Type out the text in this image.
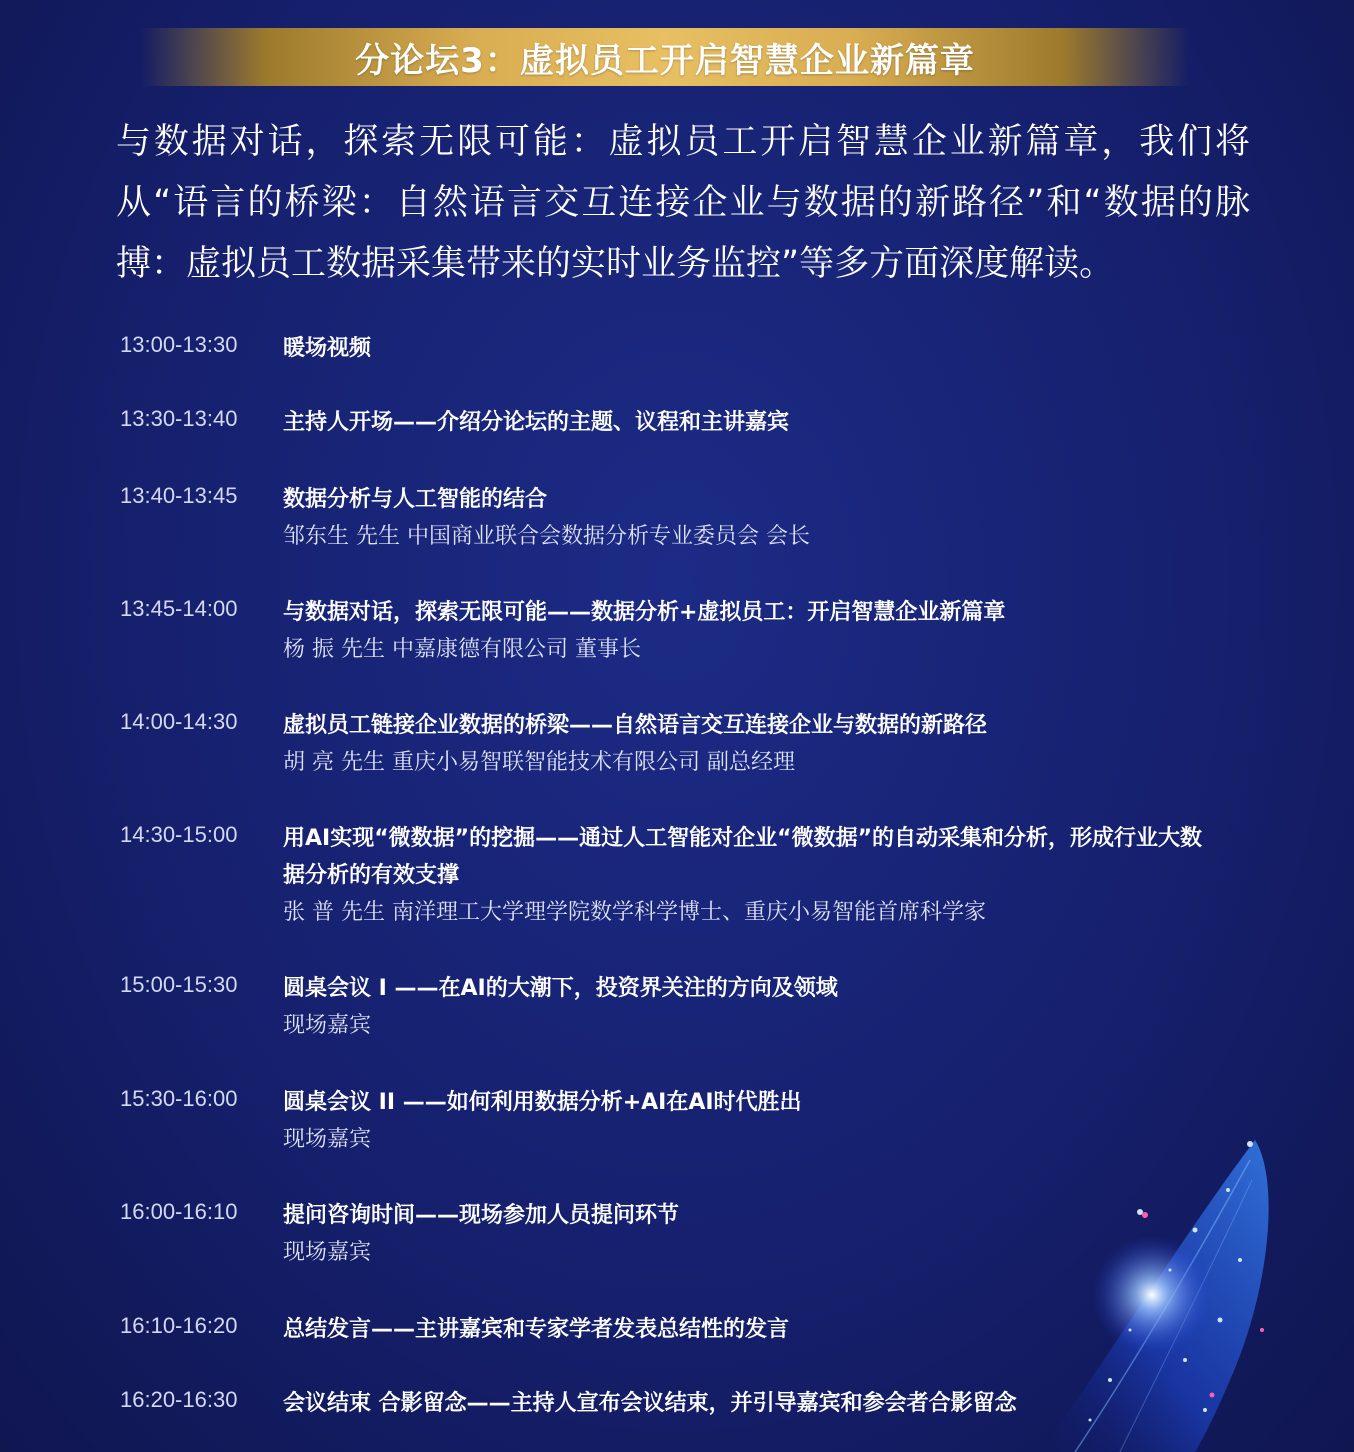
分论坛3：虚拟员工开启智慧企业新篇章
与数据对话，探索无限可能：虚拟员工开启智慧企业新篇章，我们将从“语言的桥梁：自然语言交互连接企业与数据的新路径”和“数据的脉搏：虚拟员工数据采集带来的实时业务监控”等多方面深度解读。
13:00-13:30	暖场视频
13:30-13:40	主持人开场——介绍分论坛的主题、议程和主讲嘉宾
13:40-13:45	数据分析与人工智能的结合
邹东生 先生 中国商业联合会数据分析专业委员会 会长
13:45-14:00	与数据对话，探索无限可能——数据分析+虚拟员工：开启智慧企业新篇章
杨 振 先生 中嘉康德有限公司 董事长
14:00-14:30	虚拟员工链接企业数据的桥梁——自然语言交互连接企业与数据的新路径
胡 亮 先生 重庆小易智联智能技术有限公司 副总经理
14:30-15:00	用AI实现“微数据”的挖掘——通过人工智能对企业“微数据”的自动采集和分析，形成行业大数据分析的有效支撑
张 普 先生 南洋理工大学理学院数学科学博士、重庆小易智能首席科学家
15:00-15:30	圆桌会议 I ——在AI的大潮下，投资界关注的方向及领域
现场嘉宾
15:30-16:00	圆桌会议 II ——如何利用数据分析+AI在AI时代胜出
现场嘉宾
16:00-16:10	提问咨询时间——现场参加人员提问环节
现场嘉宾
16:10-16:20	总结发言——主讲嘉宾和专家学者发表总结性的发言
16:20-16:30	会议结束 合影留念——主持人宣布会议结束，并引导嘉宾和参会者合影留念
